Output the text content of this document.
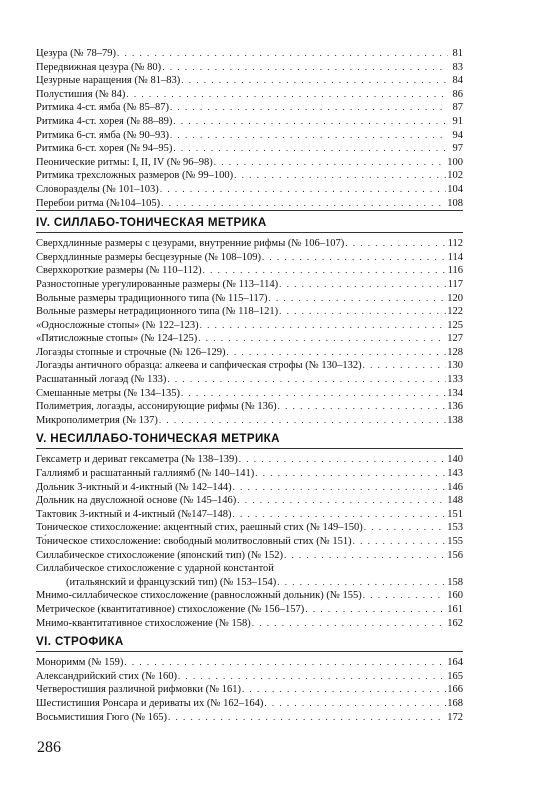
Цезура (№ 78–79) . . .	81
Передвижная цезура (№ 80) . . .	83
Цезурные наращения (№ 81–83) . . .	84
Полустишия (№ 84) . . .	86
Ритмика 4-ст. ямба (№ 85–87) . . .	87
Ритмика 4-ст. хорея (№ 88–89) . . .	91
Ритмика 6-ст. ямба (№ 90–93) . . .	94
Ритмика 6-ст. хорея (№ 94–95) . . .	97
Пеонические ритмы: I, II, IV (№ 96–98) . . .	100
Ритмика трехсложных размеров (№ 99–100) . . .	102
Словоразделы (№ 101–103) . . .	104
Перебои ритма (№104–105) . . .	108
IV. СИЛЛАБО-ТОНИЧЕСКАЯ МЕТРИКА
Сверхдлинные размеры с цезурами, внутренние рифмы (№ 106–107) . . .	112
Сверхдлинные размеры бесцезурные (№ 108–109) . . .	114
Сверхкороткие размеры (№ 110–112) . . .	116
Разностопные урегулированные размеры (№ 113–114) . . .	117
Вольные размеры традиционного типа (№ 115–117) . . .	120
Вольные размеры нетрадиционного типа (№ 118–121) . . .	122
«Односложные стопы» (№ 122–123) . . .	125
«Пятисложные стопы» (№ 124–125) . . .	127
Логаэды стопные и строчные (№ 126–129) . . .	128
Логаэды античного образца: алкеева и сапфическая строфы (№ 130–132) . . .	130
Расшатанный логаэд (№ 133) . . .	133
Смешанные метры (№ 134–135) . . .	134
Полиметрия, логаэды, ассонирующие рифмы (№ 136) . . .	136
Микрополиметрия (№ 137) . . .	138
V. НЕСИЛЛАБО-ТОНИЧЕСКАЯ МЕТРИКА
Гексаметр и дериват гексаметра (№ 138–139) . . .	140
Галлиямб и расшатанный галлиямб (№ 140–141) . . .	143
Дольник 3-иктный и 4-иктный (№ 142–144) . . .	146
Дольник на двусложной основе (№ 145–146) . . .	148
Тактовик 3-иктный и 4-иктный (№147–148) . . .	151
Тоническое стихосложение: акцентный стих, раешный стих (№ 149–150) . . .	153
То́ническое стихосложение: свободный молитвословный стих (№ 151) . . .	155
Силлабическое стихосложение (японский тип) (№ 152) . . .	156
Силлабическое стихосложение с ударной константой
(итальянский и французский тип) (№ 153–154) . . .	158
Мнимо-силлабическое стихосложение (равносложный дольник) (№ 155) . . .	160
Метрическое (квантитативное) стихосложение (№ 156–157) . . .	161
Мнимо-квантитативное стихосложение (№ 158) . . .	162
VI. СТРОФИКА
Моноримм (№ 159) . . .	164
Александрийский стих (№ 160) . . .	165
Четверостишия различной рифмовки (№ 161) . . .	166
Шестистишия Ронсара и дериваты их (№ 162–164) . . .	168
Восьмистишия Гюго (№ 165) . . .	172
286
